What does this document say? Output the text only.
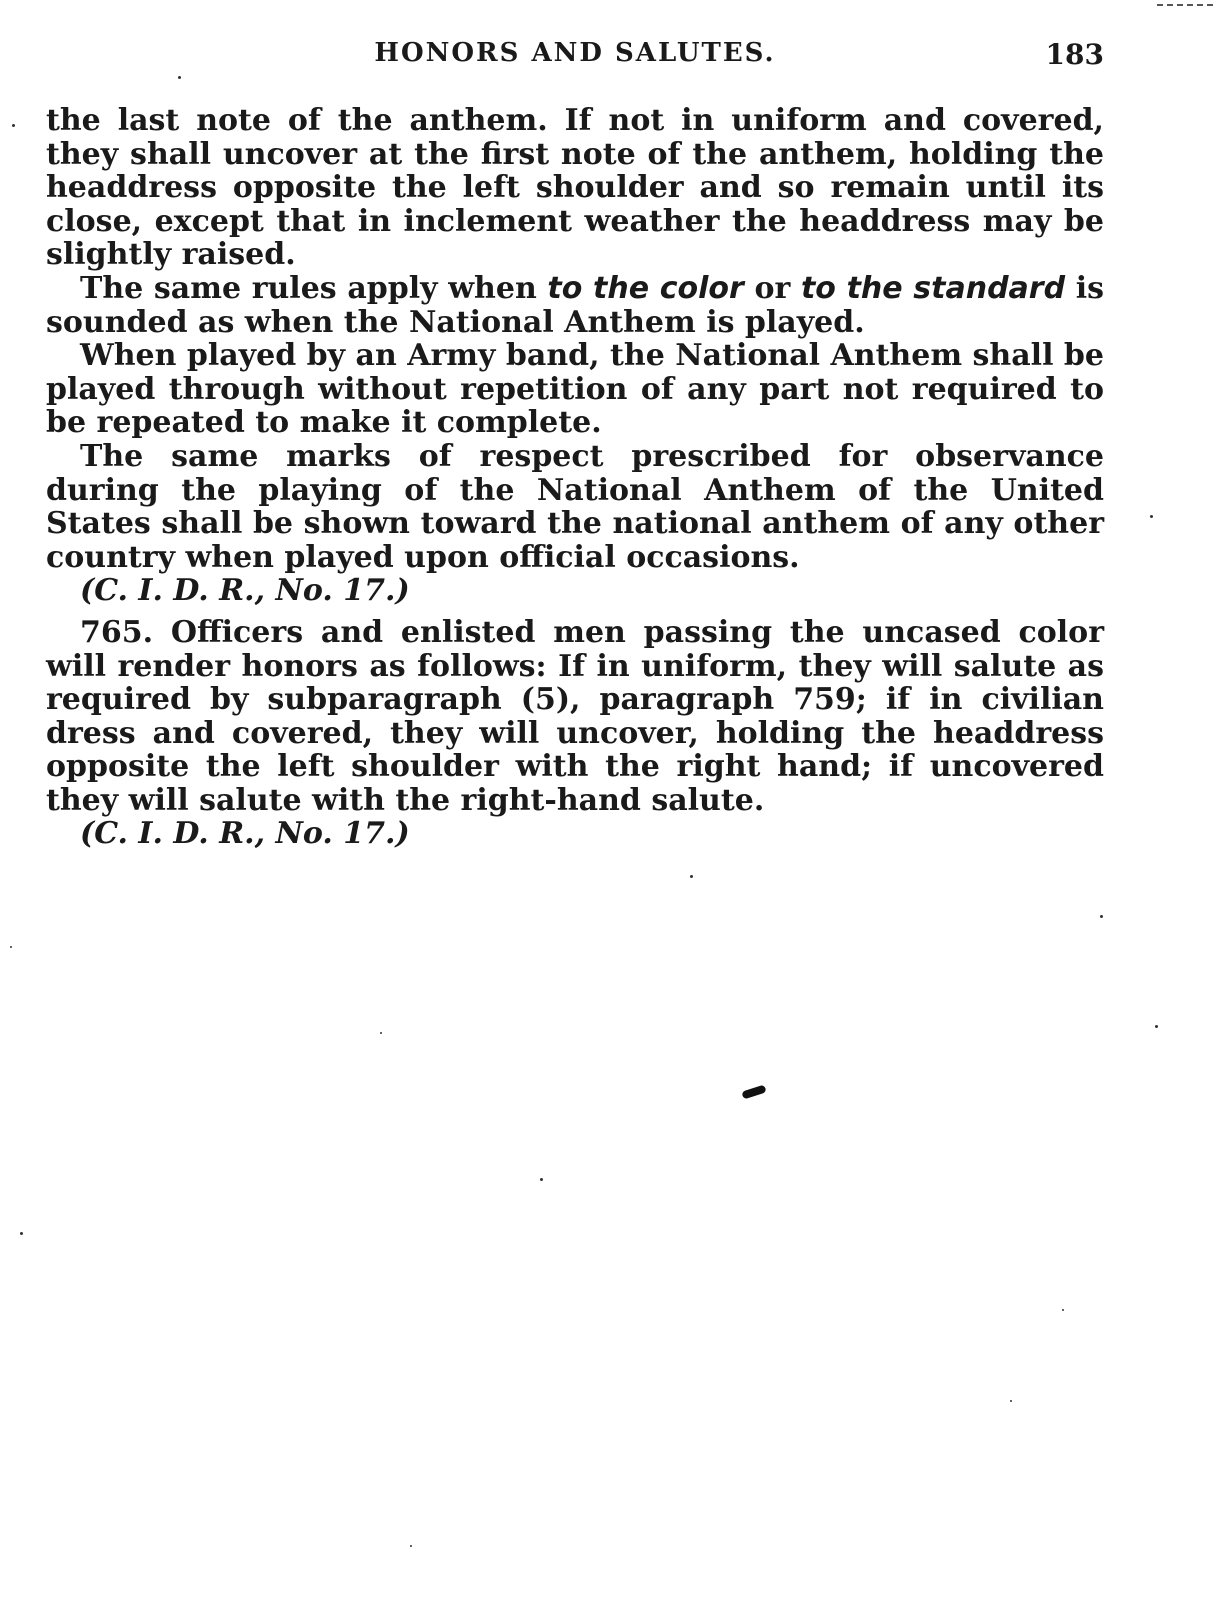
HONORS AND SALUTES.	183

the last note of the anthem. If not in uniform and covered, they shall uncover at the first note of the anthem, holding the headdress opposite the left shoulder and so remain until its close, except that in inclement weather the headdress may be slightly raised.

The same rules apply when to the color or to the standard is sounded as when the National Anthem is played.

When played by an Army band, the National Anthem shall be played through without repetition of any part not required to be repeated to make it complete.

The same marks of respect prescribed for observance during the playing of the National Anthem of the United States shall be shown toward the national anthem of any other country when played upon official occasions.

(C. I. D. R., No. 17.)

765. Officers and enlisted men passing the uncased color will render honors as follows: If in uniform, they will salute as required by subparagraph (5), paragraph 759; if in civilian dress and covered, they will uncover, holding the headdress opposite the left shoulder with the right hand; if uncovered they will salute with the right-hand salute.

(C. I. D. R., No. 17.)
